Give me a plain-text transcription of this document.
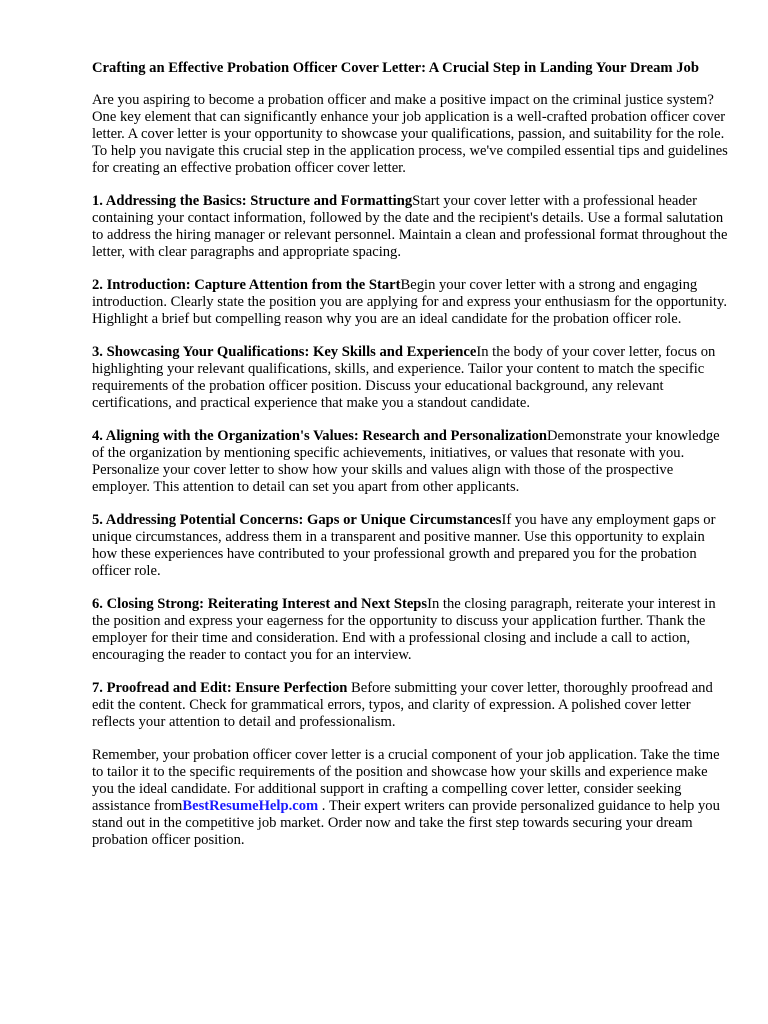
Crafting an Effective Probation Officer Cover Letter: A Crucial Step in Landing Your Dream Job

Are you aspiring to become a probation officer and make a positive impact on the criminal justice system? One key element that can significantly enhance your job application is a well-crafted probation officer cover letter. A cover letter is your opportunity to showcase your qualifications, passion, and suitability for the role. To help you navigate this crucial step in the application process, we've compiled essential tips and guidelines for creating an effective probation officer cover letter.

1. Addressing the Basics: Structure and FormattingStart your cover letter with a professional header containing your contact information, followed by the date and the recipient's details. Use a formal salutation to address the hiring manager or relevant personnel. Maintain a clean and professional format throughout the letter, with clear paragraphs and appropriate spacing.

2. Introduction: Capture Attention from the StartBegin your cover letter with a strong and engaging introduction. Clearly state the position you are applying for and express your enthusiasm for the opportunity. Highlight a brief but compelling reason why you are an ideal candidate for the probation officer role.

3. Showcasing Your Qualifications: Key Skills and ExperienceIn the body of your cover letter, focus on highlighting your relevant qualifications, skills, and experience. Tailor your content to match the specific requirements of the probation officer position. Discuss your educational background, any relevant certifications, and practical experience that make you a standout candidate.

4. Aligning with the Organization's Values: Research and PersonalizationDemonstrate your knowledge of the organization by mentioning specific achievements, initiatives, or values that resonate with you. Personalize your cover letter to show how your skills and values align with those of the prospective employer. This attention to detail can set you apart from other applicants.

5. Addressing Potential Concerns: Gaps or Unique CircumstancesIf you have any employment gaps or unique circumstances, address them in a transparent and positive manner. Use this opportunity to explain how these experiences have contributed to your professional growth and prepared you for the probation officer role.

6. Closing Strong: Reiterating Interest and Next StepsIn the closing paragraph, reiterate your interest in the position and express your eagerness for the opportunity to discuss your application further. Thank the employer for their time and consideration. End with a professional closing and include a call to action, encouraging the reader to contact you for an interview.

7. Proofread and Edit: Ensure Perfection Before submitting your cover letter, thoroughly proofread and edit the content. Check for grammatical errors, typos, and clarity of expression. A polished cover letter reflects your attention to detail and professionalism.

Remember, your probation officer cover letter is a crucial component of your job application. Take the time to tailor it to the specific requirements of the position and showcase how your skills and experience make you the ideal candidate. For additional support in crafting a compelling cover letter, consider seeking assistance fromBestResumeHelp.com . Their expert writers can provide personalized guidance to help you stand out in the competitive job market. Order now and take the first step towards securing your dream probation officer position.
